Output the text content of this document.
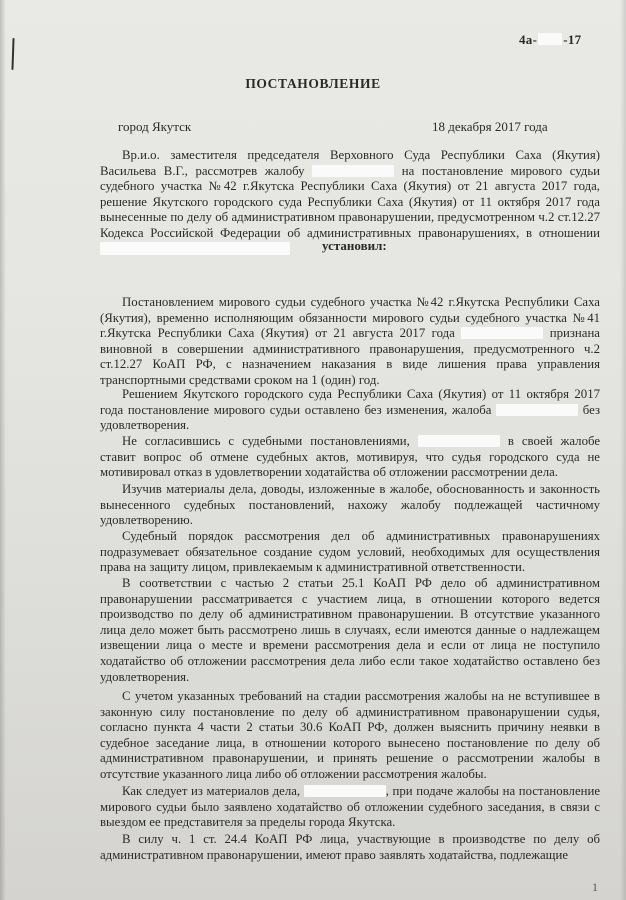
4а- -17
ПОСТАНОВЛЕНИЕ
город Якутск	18 декабря 2017 года

Вр.и.о. заместителя председателя Верховного Суда Республики Саха (Якутия) Васильева В.Г., рассмотрев жалобу	на постановление мирового судьи судебного участка №42 г.Якутска Республики Саха (Якутия) от 21 августа 2017 года, решение Якутского городского суда Республики Саха (Якутия) от 11 октября 2017 года вынесенные по делу об административном правонарушении, предусмотренном ч.2 ст.12.27 Кодекса Российской Федерации об административных правонарушениях, в отношении

установил:

Постановлением мирового судьи судебного участка №42 г.Якутска Республики Саха (Якутия), временно исполняющим обязанности мирового судьи судебного участка №41 г.Якутска Республики Саха (Якутия) от 21 августа 2017 года	признана виновной в совершении административного правонарушения, предусмотренного ч.2 ст.12.27 КоАП РФ, с назначением наказания в виде лишения права управления транспортными средствами сроком на 1 (один) год.

Решением Якутского городского суда Республики Саха (Якутия) от 11 октября 2017 года постановление мирового судьи оставлено без изменения, жалоба	без удовлетворения.

Не согласившись с судебными постановлениями,	в своей жалобе ставит вопрос об отмене судебных актов, мотивируя, что судья городского суда не мотивировал отказ в удовлетворении ходатайства об отложении рассмотрении дела.

Изучив материалы дела, доводы, изложенные в жалобе, обоснованность и законность вынесенного судебных постановлений, нахожу жалобу подлежащей частичному удовлетворению.

Судебный порядок рассмотрения дел об административных правонарушениях подразумевает обязательное создание судом условий, необходимых для осуществления права на защиту лицом, привлекаемым к административной ответственности.

В соответствии с частью 2 статьи 25.1 КоАП РФ дело об административном правонарушении рассматривается с участием лица, в отношении которого ведется производство по делу об административном правонарушении. В отсутствие указанного лица дело может быть рассмотрено лишь в случаях, если имеются данные о надлежащем извещении лица о месте и времени рассмотрения дела и если от лица не поступило ходатайство об отложении рассмотрения дела либо если такое ходатайство оставлено без удовлетворения.

С учетом указанных требований на стадии рассмотрения жалобы на не вступившее в законную силу постановление по делу об административном правонарушении судья, согласно пункта 4 части 2 статьи 30.6 КоАП РФ, должен выяснить причину неявки в судебное заседание лица, в отношении которого вынесено постановление по делу об административном правонарушении, и принять решение о рассмотрении жалобы в отсутствие указанного лица либо об отложении рассмотрения жалобы.

Как следует из материалов дела,	, при подаче жалобы на постановление мирового судьи было заявлено ходатайство об отложении судебного заседания, в связи с выездом ее представителя за пределы города Якутска.

В силу ч. 1 ст. 24.4 КоАП РФ лица, участвующие в производстве по делу об административном правонарушении, имеют право заявлять ходатайства, подлежащие

1
